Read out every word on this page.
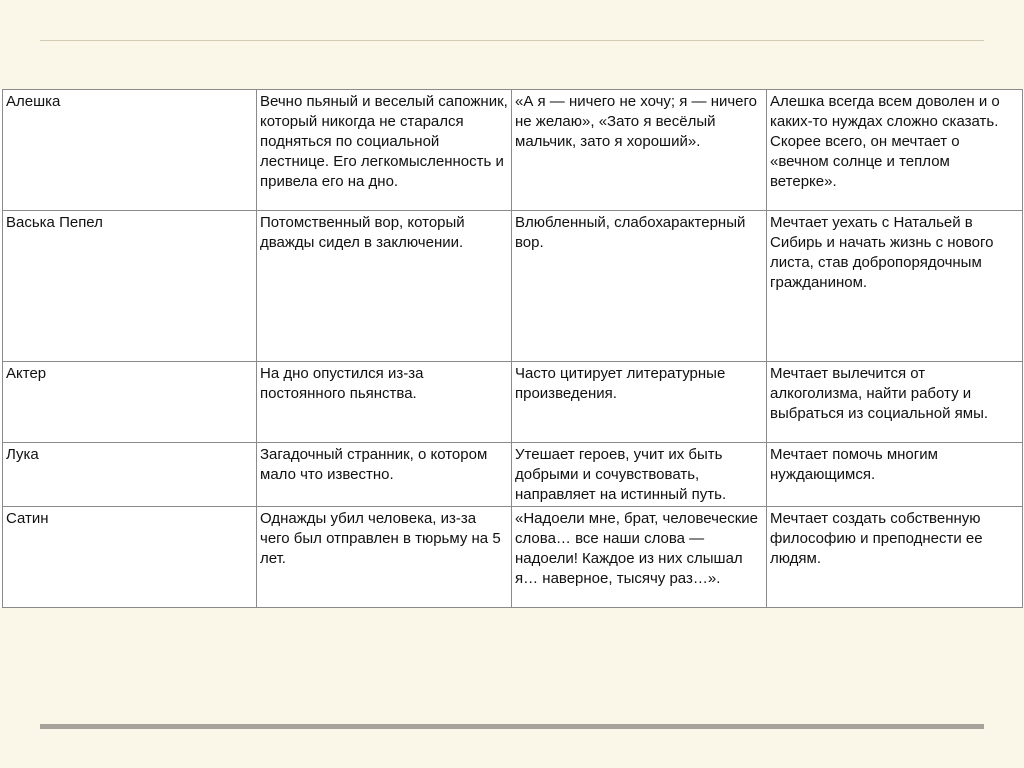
Алешка	Вечно пьяный и веселый сапожник, который никогда не старался подняться по социальной лестнице. Его легкомысленность и привела его на дно.	«А я — ничего не хочу; я — ничего не желаю», «Зато я весёлый мальчик, зато я хороший».	Алешка всегда всем доволен и о каких-то нуждах сложно сказать. Скорее всего, он мечтает о «вечном солнце и теплом ветерке».
Васька Пепел	Потомственный вор, который дважды сидел в заключении.	Влюбленный, слабохарактерный вор.	Мечтает уехать с Натальей в Сибирь и начать жизнь с нового листа, став добропорядочным гражданином.
Актер	На дно опустился из-за постоянного пьянства.	Часто цитирует литературные произведения.	Мечтает вылечится от алкоголизма, найти работу и выбраться из социальной ямы.
Лука	Загадочный странник, о котором мало что известно.	Утешает героев, учит их быть добрыми и сочувствовать, направляет на истинный путь.	Мечтает помочь многим нуждающимся.
Сатин	Однажды убил человека, из-за чего был отправлен в тюрьму на 5 лет.	«Надоели мне, брат, человеческие слова… все наши слова — надоели! Каждое из них слышал я… наверное, тысячу раз…».	Мечтает создать собственную философию и преподнести ее людям.
